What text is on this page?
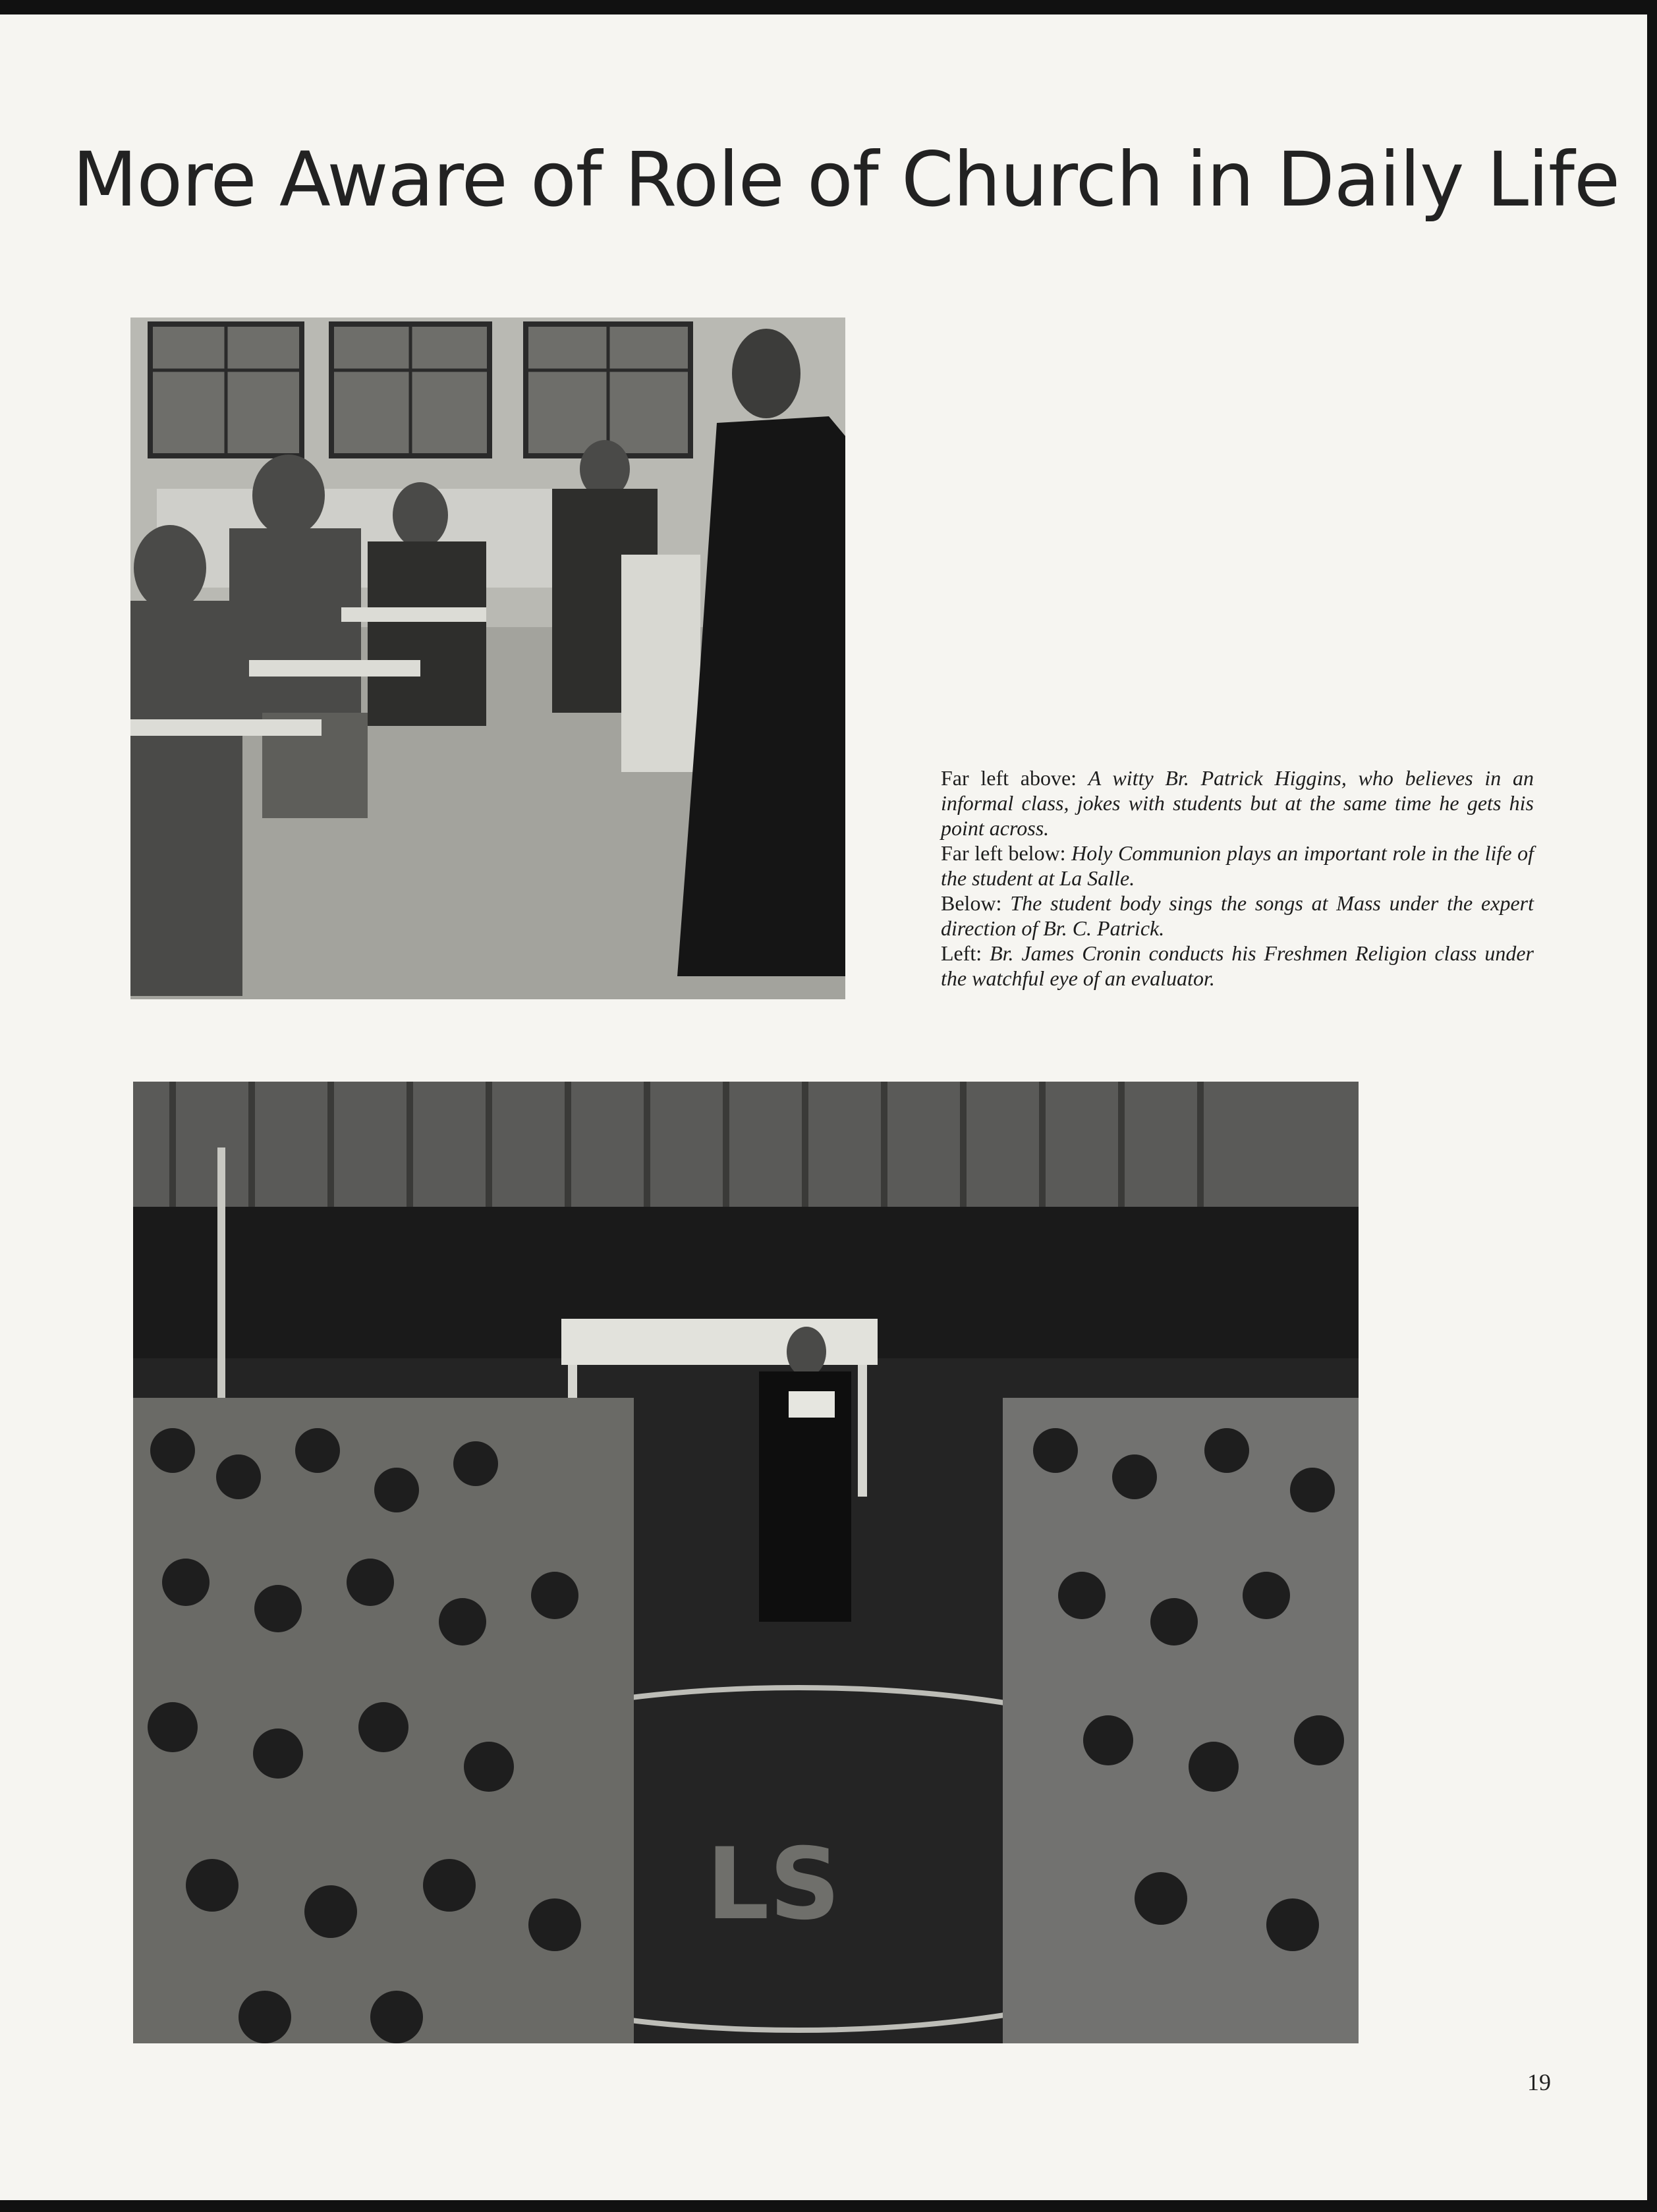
More Aware of Role of Church in Daily Life

Far left above: A witty Br. Patrick Higgins, who believes in an informal class, jokes with students but at the same time he gets his point across.

Far left below: Holy Communion plays an important role in the life of the student at La Salle.

Below: The student body sings the songs at Mass under the expert direction of Br. C. Patrick.

Left: Br. James Cronin conducts his Freshmen Religion class under the watchful eye of an evaluator.

LS
19
